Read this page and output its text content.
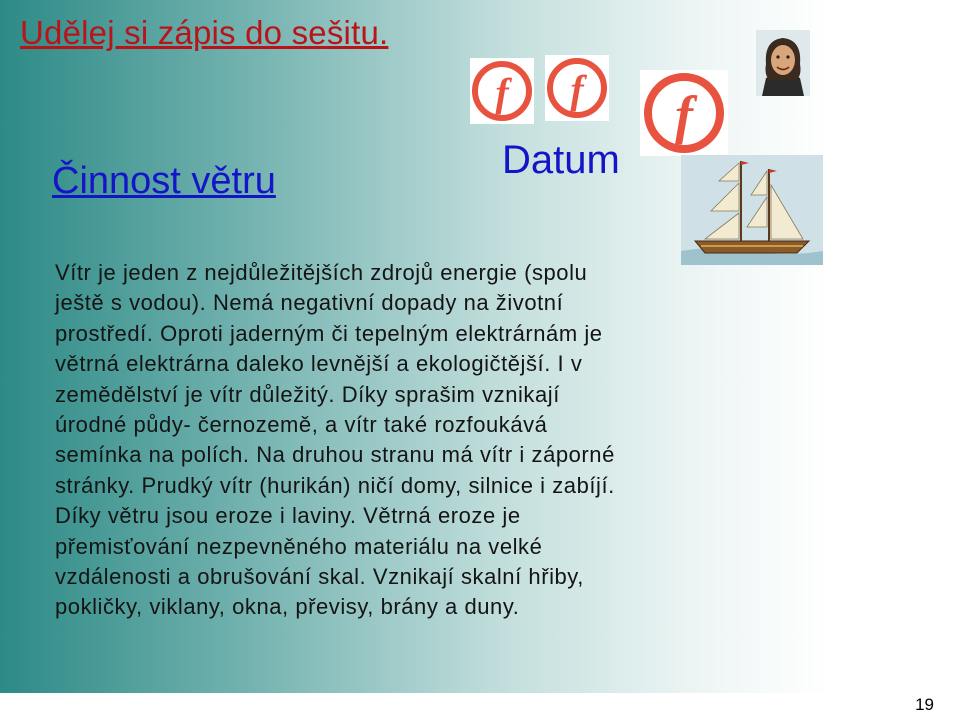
Udělej si zápis do sešitu.
f f f
Činnost větru	Datum
Vítr je jeden z nejdůležitějších zdrojů energie (spolu
ještě s vodou). Nemá negativní dopady na životní
prostředí. Oproti jaderným či tepelným elektrárnám je
větrná elektrárna daleko levnější a ekologičtější. I v
zemědělství je vítr důležitý. Díky sprašim vznikají
úrodné půdy- černozemě, a vítr také rozfoukává
semínka na polích. Na druhou stranu má vítr i záporné
stránky. Prudký vítr (hurikán) ničí domy, silnice i zabíjí.
Díky větru jsou eroze i laviny. Větrná eroze je
přemisťování nezpevněného materiálu na velké
vzdálenosti a obrušování skal. Vznikají skalní hřiby,
pokličky, viklany, okna, převisy, brány a duny.
19
